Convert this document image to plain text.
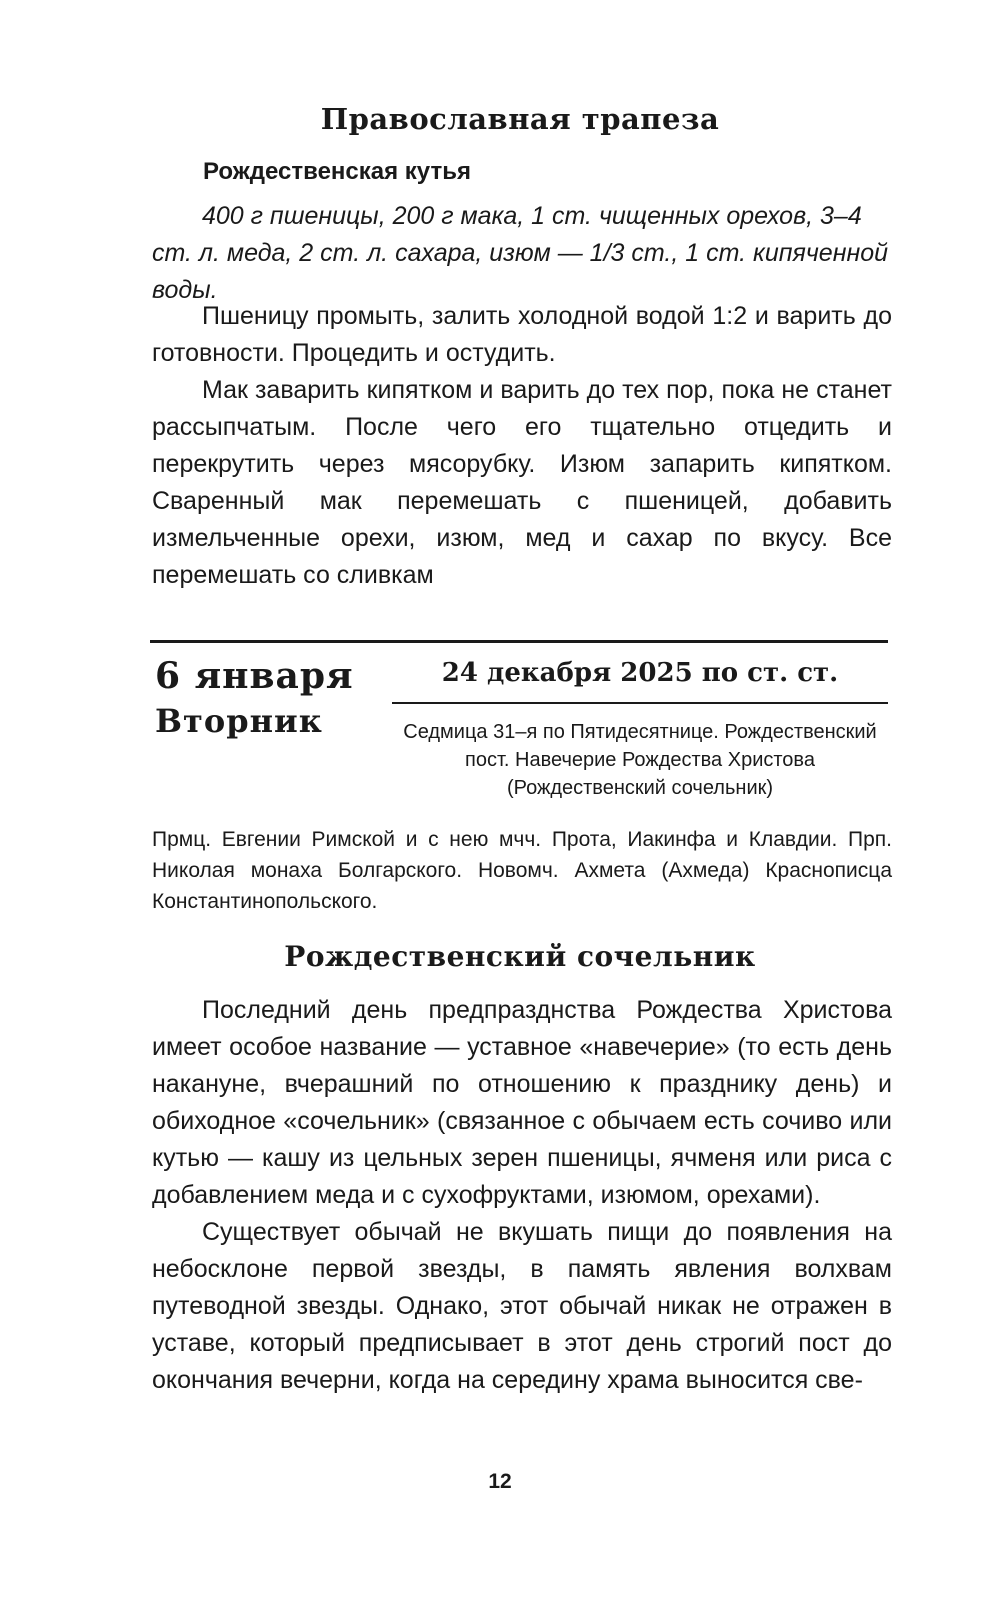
Православная трапеза
Рождественская кутья
400 г пшеницы, 200 г мака, 1 ст. чищенных орехов, 3–4 ст. л. меда, 2 ст. л. сахара, изюм — 1/3 ст., 1 ст. кипяченной воды.

Пшеницу промыть, залить холодной водой 1:2 и варить до готовности. Процедить и остудить.

Мак заварить кипятком и варить до тех пор, пока не станет рассыпчатым. После чего его тщательно отцедить и перекрутить через мясорубку. Изюм запарить кипятком. Сваренный мак перемешать с пшеницей, добавить измельченные орехи, изюм, мед и сахар по вкусу. Все перемешать со сливкам

6 января
Вторник
24 декабря 2025 по ст. ст.
Седмица 31–я по Пятидесятнице. Рождественский пост. Навечерие Рождества Христова (Рождественский сочельник)
Прмц. Евгении Римской и с нею мчч. Прота, Иакинфа и Клавдии. Прп. Николая монаха Болгарского. Новомч. Ахмета (Ахмеда) Краснописца Константинопольского.
Рождественский сочельник

Последний день предпразднства Рождества Христова имеет особое название — уставное «навечерие» (то есть день накануне, вчерашний по отношению к празднику день) и обиходное «сочельник» (связанное с обычаем есть сочиво или кутью — кашу из цельных зерен пшеницы, ячменя или риса с добавлением меда и с сухофруктами, изюмом, орехами).

Существует обычай не вкушать пищи до появления на небосклоне первой звезды, в память явления волхвам путеводной звезды. Однако, этот обычай никак не отражен в уставе, который предписывает в этот день строгий пост до окончания вечерни, когда на середину храма выносится све-

12
